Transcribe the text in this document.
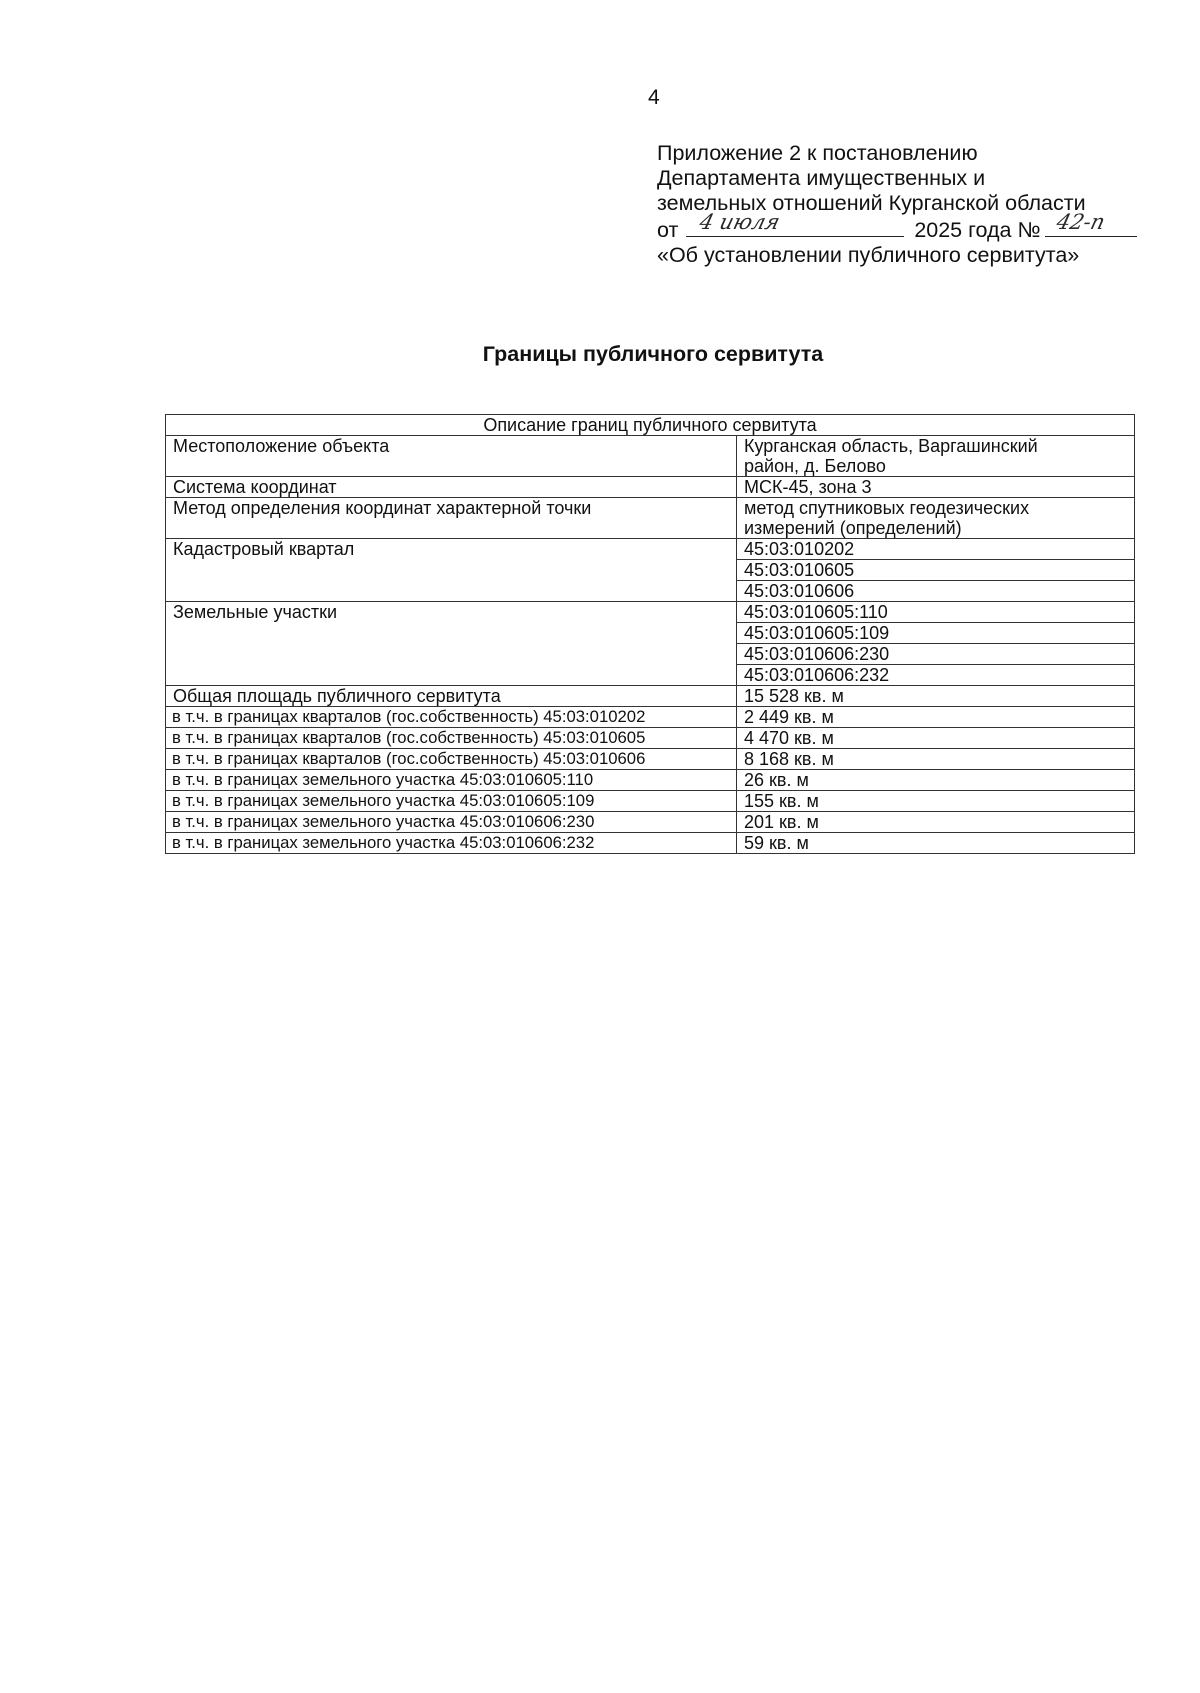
4
Приложение 2 к постановлению
Департамента имущественных и
земельных отношений Курганской области
от 4 июля	2025 года № 42-п
«Об установлении публичного сервитута»
Границы публичного сервитута
Описание границ публичного сервитута	
Местоположение объекта	Курганская область, Варгашинский
район, д. Белово
Система координат	МСК-45, зона 3
Метод определения координат характерной точки	метод спутниковых геодезических
измерений (определений)
Кадастровый квартал	45:03:010202
	45:03:010605
	45:03:010606
Земельные участки	45:03:010605:110
	45:03:010605:109
	45:03:010606:230
	45:03:010606:232
Общая площадь публичного сервитута	15 528 кв. м
в т.ч. в границах кварталов (гос.собственность) 45:03:010202	2 449 кв. м
в т.ч. в границах кварталов (гос.собственность) 45:03:010605	4 470 кв. м
в т.ч. в границах кварталов (гос.собственность) 45:03:010606	8 168 кв. м
в т.ч. в границах земельного участка 45:03:010605:110	26 кв. м
в т.ч. в границах земельного участка 45:03:010605:109	155 кв. м
в т.ч. в границах земельного участка 45:03:010606:230	201 кв. м
в т.ч. в границах земельного участка 45:03:010606:232	59 кв. м
